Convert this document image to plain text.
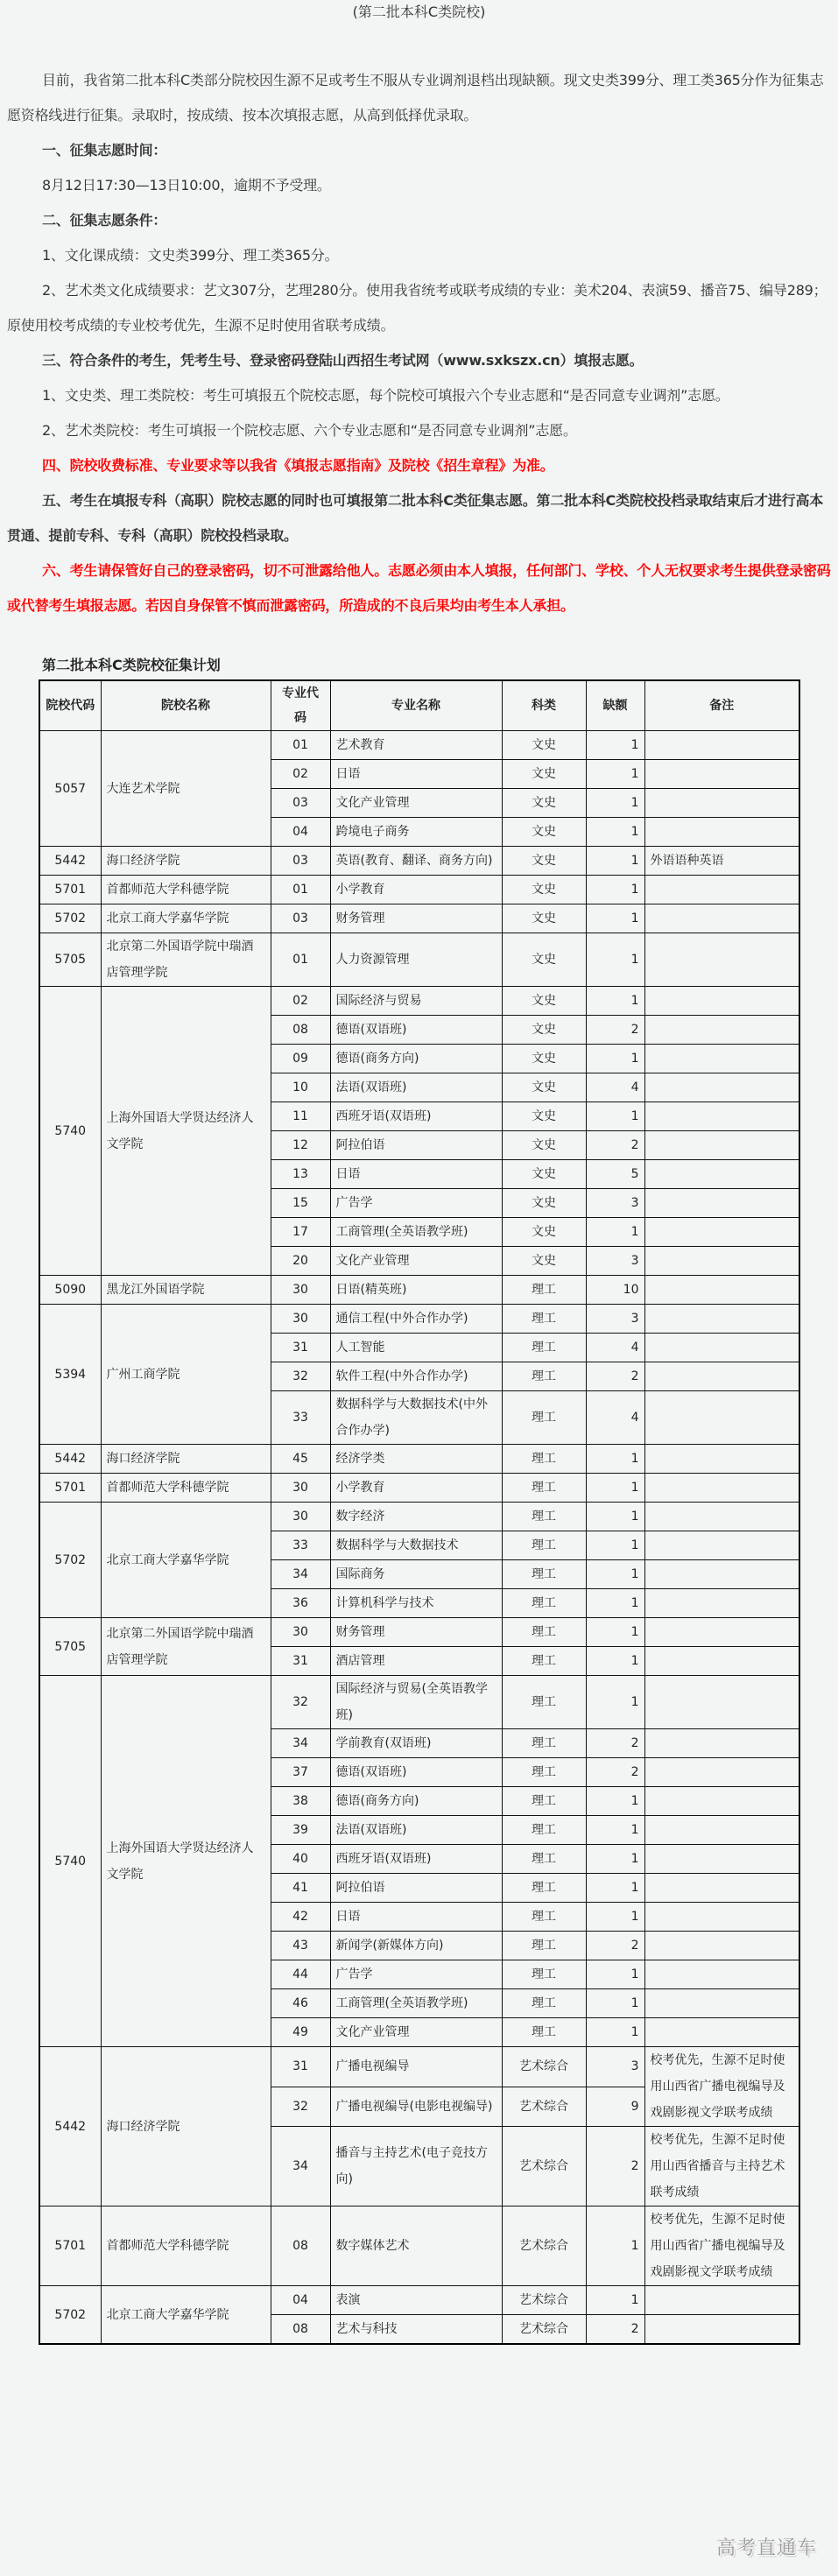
(第二批本科C类院校)

目前，我省第二批本科C类部分院校因生源不足或考生不服从专业调剂退档出现缺额。现文史类399分、理工类365分作为征集志愿资格线进行征集。录取时，按成绩、按本次填报志愿，从高到低择优录取。

一、征集志愿时间：

8月12日17:30—13日10:00，逾期不予受理。

二、征集志愿条件：

1、文化课成绩：文史类399分、理工类365分。

2、艺术类文化成绩要求：艺文307分，艺理280分。使用我省统考或联考成绩的专业：美术204、表演59、播音75、编导289；原使用校考成绩的专业校考优先，生源不足时使用省联考成绩。

三、符合条件的考生，凭考生号、登录密码登陆山西招生考试网（www.sxkszx.cn）填报志愿。

1、文史类、理工类院校：考生可填报五个院校志愿，每个院校可填报六个专业志愿和“是否同意专业调剂”志愿。

2、艺术类院校：考生可填报一个院校志愿、六个专业志愿和“是否同意专业调剂”志愿。

四、院校收费标准、专业要求等以我省《填报志愿指南》及院校《招生章程》为准。

五、考生在填报专科（高职）院校志愿的同时也可填报第二批本科C类征集志愿。第二批本科C类院校投档录取结束后才进行高本贯通、提前专科、专科（高职）院校投档录取。

六、考生请保管好自己的登录密码，切不可泄露给他人。志愿必须由本人填报，任何部门、学校、个人无权要求考生提供登录密码或代替考生填报志愿。若因自身保管不慎而泄露密码，所造成的不良后果均由考生本人承担。

第二批本科C类院校征集计划
院校代码	院校名称	专业代码	专业名称	科类	缺额	备注
5057	大连艺术学院	01	艺术教育	文史	1	
		02	日语	文史	1	
		03	文化产业管理	文史	1	
		04	跨境电子商务	文史	1	
5442	海口经济学院	03	英语(教育、翻译、商务方向)	文史	1	外语语种英语
5701	首都师范大学科德学院	01	小学教育	文史	1	
5702	北京工商大学嘉华学院	03	财务管理	文史	1	
5705	北京第二外国语学院中瑞酒店管理学院	01	人力资源管理	文史	1	
5740	上海外国语大学贤达经济人文学院	02	国际经济与贸易	文史	1	
		08	德语(双语班)	文史	2	
		09	德语(商务方向)	文史	1	
		10	法语(双语班)	文史	4	
		11	西班牙语(双语班)	文史	1	
		12	阿拉伯语	文史	2	
		13	日语	文史	5	
		15	广告学	文史	3	
		17	工商管理(全英语教学班)	文史	1	
		20	文化产业管理	文史	3	
5090	黑龙江外国语学院	30	日语(精英班)	理工	10	
5394	广州工商学院	30	通信工程(中外合作办学)	理工	3	
		31	人工智能	理工	4	
		32	软件工程(中外合作办学)	理工	2	
		33	数据科学与大数据技术(中外合作办学)	理工	4	
5442	海口经济学院	45	经济学类	理工	1	
5701	首都师范大学科德学院	30	小学教育	理工	1	
5702	北京工商大学嘉华学院	30	数字经济	理工	1	
		33	数据科学与大数据技术	理工	1	
		34	国际商务	理工	1	
		36	计算机科学与技术	理工	1	
5705	北京第二外国语学院中瑞酒店管理学院	30	财务管理	理工	1	
		31	酒店管理	理工	1	
5740	上海外国语大学贤达经济人文学院	32	国际经济与贸易(全英语教学班)	理工	1	
		34	学前教育(双语班)	理工	2	
		37	德语(双语班)	理工	2	
		38	德语(商务方向)	理工	1	
		39	法语(双语班)	理工	1	
		40	西班牙语(双语班)	理工	1	
		41	阿拉伯语	理工	1	
		42	日语	理工	1	
		43	新闻学(新媒体方向)	理工	2	
		44	广告学	理工	1	
		46	工商管理(全英语教学班)	理工	1	
		49	文化产业管理	理工	1	
5442	海口经济学院	31	广播电视编导	艺术综合	3	校考优先，生源不足时使用山西省广播电视编导及戏剧影视文学联考成绩
		32	广播电视编导(电影电视编导)	艺术综合	9	
		34	播音与主持艺术(电子竞技方向)	艺术综合	2	校考优先，生源不足时使用山西省播音与主持艺术联考成绩
5701	首都师范大学科德学院	08	数字媒体艺术	艺术综合	1	校考优先，生源不足时使用山西省广播电视编导及戏剧影视文学联考成绩
5702	北京工商大学嘉华学院	04	表演	艺术综合	1	
		08	艺术与科技	艺术综合	2	
高考直通车
